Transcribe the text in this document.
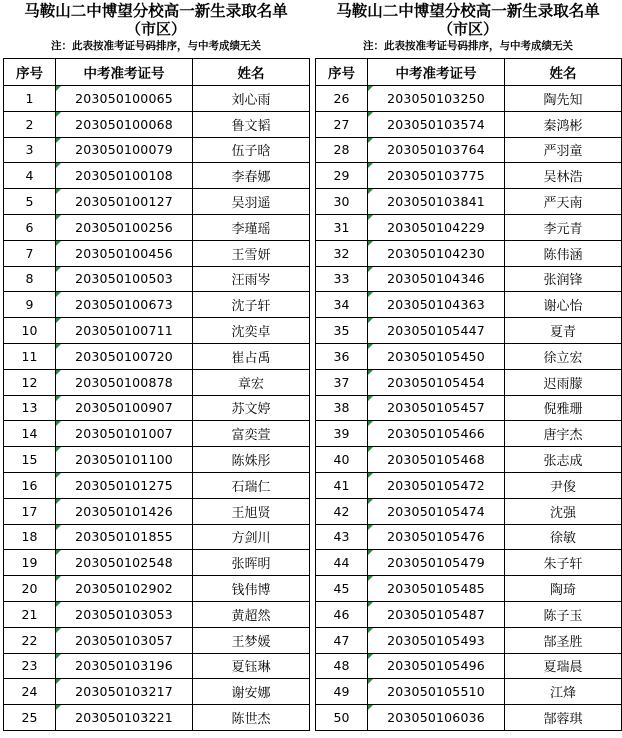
马鞍山二中博望分校高一新生录取名单
（市区）
注：此表按准考证号码排序，与中考成绩无关
序号	中考准考证号	姓名
1	203050100065	刘心雨
2	203050100068	鲁文韬
3	203050100079	伍子晗
4	203050100108	李春娜
5	203050100127	吴羽遥
6	203050100256	李瑾瑶
7	203050100456	王雪妍
8	203050100503	汪雨岑
9	203050100673	沈子轩
10	203050100711	沈奕卓
11	203050100720	崔占禹
12	203050100878	章宏
13	203050100907	苏文婷
14	203050101007	富奕萱
15	203050101100	陈姝彤
16	203050101275	石瑞仁
17	203050101426	王旭贤
18	203050101855	方剑川
19	203050102548	张晖明
20	203050102902	钱伟博
21	203050103053	黄超然
22	203050103057	王梦媛
23	203050103196	夏钰琳
24	203050103217	谢安娜
25	203050103221	陈世杰
马鞍山二中博望分校高一新生录取名单
（市区）
注：此表按准考证号码排序，与中考成绩无关
序号	中考准考证号	姓名
26	203050103250	陶先知
27	203050103574	秦鸿彬
28	203050103764	严羽童
29	203050103775	吴林浩
30	203050103841	严天南
31	203050104229	李元青
32	203050104230	陈伟涵
33	203050104346	张润锋
34	203050104363	谢心怡
35	203050105447	夏青
36	203050105450	徐立宏
37	203050105454	迟雨朦
38	203050105457	倪雅珊
39	203050105466	唐宇杰
40	203050105468	张志成
41	203050105472	尹俊
42	203050105474	沈强
43	203050105476	徐敏
44	203050105479	朱子轩
45	203050105485	陶琦
46	203050105487	陈子玉
47	203050105493	郜圣胜
48	203050105496	夏瑞晨
49	203050105510	江烽
50	203050106036	郜蓉琪
